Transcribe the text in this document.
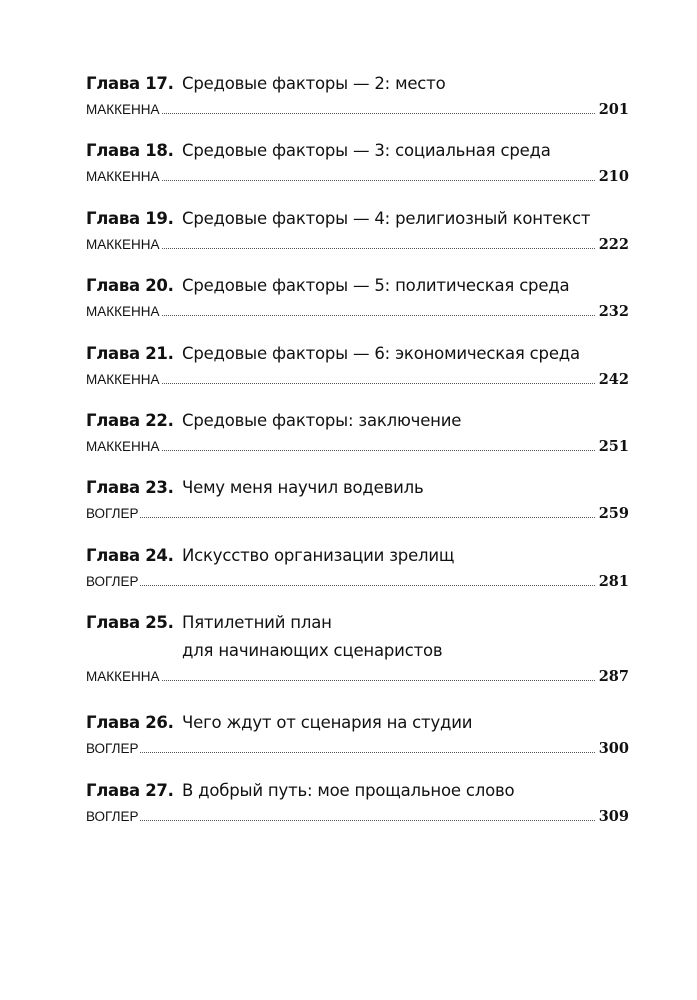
Глава 17. Средовые факторы — 2: место
МАККЕННА	201
Глава 18. Средовые факторы — 3: социальная среда
МАККЕННА	210
Глава 19. Средовые факторы — 4: религиозный контекст
МАККЕННА	222
Глава 20. Средовые факторы — 5: политическая среда
МАККЕННА	232
Глава 21. Средовые факторы — 6: экономическая среда
МАККЕННА	242
Глава 22. Средовые факторы: заключение
МАККЕННА	251
Глава 23. Чему меня научил водевиль
ВОГЛЕР	259
Глава 24. Искусство организации зрелищ
ВОГЛЕР	281
Глава 25. Пятилетний план
для начинающих сценаристов
МАККЕННА	287
Глава 26. Чего ждут от сценария на студии
ВОГЛЕР	300
Глава 27. В добрый путь: мое прощальное слово
ВОГЛЕР	309
